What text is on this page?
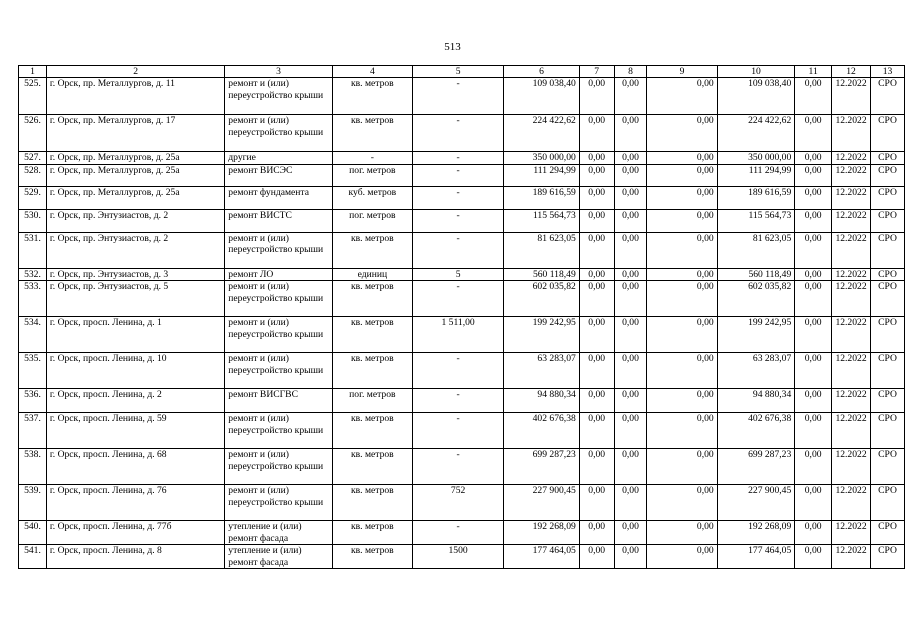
513
1	2	3	4	5	6	7	8	9	10	11	12	13
525.	г. Орск, пр. Металлургов, д. 11	ремонт и (или) переустройство крыши	кв. метров	-	109 038,40	0,00	0,00	0,00	109 038,40	0,00	12.2022	СРО
526.	г. Орск, пр. Металлургов, д. 17	ремонт и (или) переустройство крыши	кв. метров	-	224 422,62	0,00	0,00	0,00	224 422,62	0,00	12.2022	СРО
527.	г. Орск, пр. Металлургов, д. 25а	другие	-	-	350 000,00	0,00	0,00	0,00	350 000,00	0,00	12.2022	СРО
528.	г. Орск, пр. Металлургов, д. 25а	ремонт ВИСЭС	пог. метров	-	111 294,99	0,00	0,00	0,00	111 294,99	0,00	12.2022	СРО
529.	г. Орск, пр. Металлургов, д. 25а	ремонт фундамента	куб. метров	-	189 616,59	0,00	0,00	0,00	189 616,59	0,00	12.2022	СРО
530.	г. Орск, пр. Энтузиастов, д. 2	ремонт ВИСТС	пог. метров	-	115 564,73	0,00	0,00	0,00	115 564,73	0,00	12.2022	СРО
531.	г. Орск, пр. Энтузиастов, д. 2	ремонт и (или) переустройство крыши	кв. метров	-	81 623,05	0,00	0,00	0,00	81 623,05	0,00	12.2022	СРО
532.	г. Орск, пр. Энтузиастов, д. 3	ремонт ЛО	единиц	5	560 118,49	0,00	0,00	0,00	560 118,49	0,00	12.2022	СРО
533.	г. Орск, пр. Энтузиастов, д. 5	ремонт и (или) переустройство крыши	кв. метров	-	602 035,82	0,00	0,00	0,00	602 035,82	0,00	12.2022	СРО
534.	г. Орск, просп. Ленина, д. 1	ремонт и (или) переустройство крыши	кв. метров	1 511,00	199 242,95	0,00	0,00	0,00	199 242,95	0,00	12.2022	СРО
535.	г. Орск, просп. Ленина, д. 10	ремонт и (или) переустройство крыши	кв. метров	-	63 283,07	0,00	0,00	0,00	63 283,07	0,00	12.2022	СРО
536.	г. Орск, просп. Ленина, д. 2	ремонт ВИСГВС	пог. метров	-	94 880,34	0,00	0,00	0,00	94 880,34	0,00	12.2022	СРО
537.	г. Орск, просп. Ленина, д. 59	ремонт и (или) переустройство крыши	кв. метров	-	402 676,38	0,00	0,00	0,00	402 676,38	0,00	12.2022	СРО
538.	г. Орск, просп. Ленина, д. 68	ремонт и (или) переустройство крыши	кв. метров	-	699 287,23	0,00	0,00	0,00	699 287,23	0,00	12.2022	СРО
539.	г. Орск, просп. Ленина, д. 76	ремонт и (или) переустройство крыши	кв. метров	752	227 900,45	0,00	0,00	0,00	227 900,45	0,00	12.2022	СРО
540.	г. Орск, просп. Ленина, д. 77б	утепление и (или) ремонт фасада	кв. метров	-	192 268,09	0,00	0,00	0,00	192 268,09	0,00	12.2022	СРО
541.	г. Орск, просп. Ленина, д. 8	утепление и (или) ремонт фасада	кв. метров	1500	177 464,05	0,00	0,00	0,00	177 464,05	0,00	12.2022	СРО
